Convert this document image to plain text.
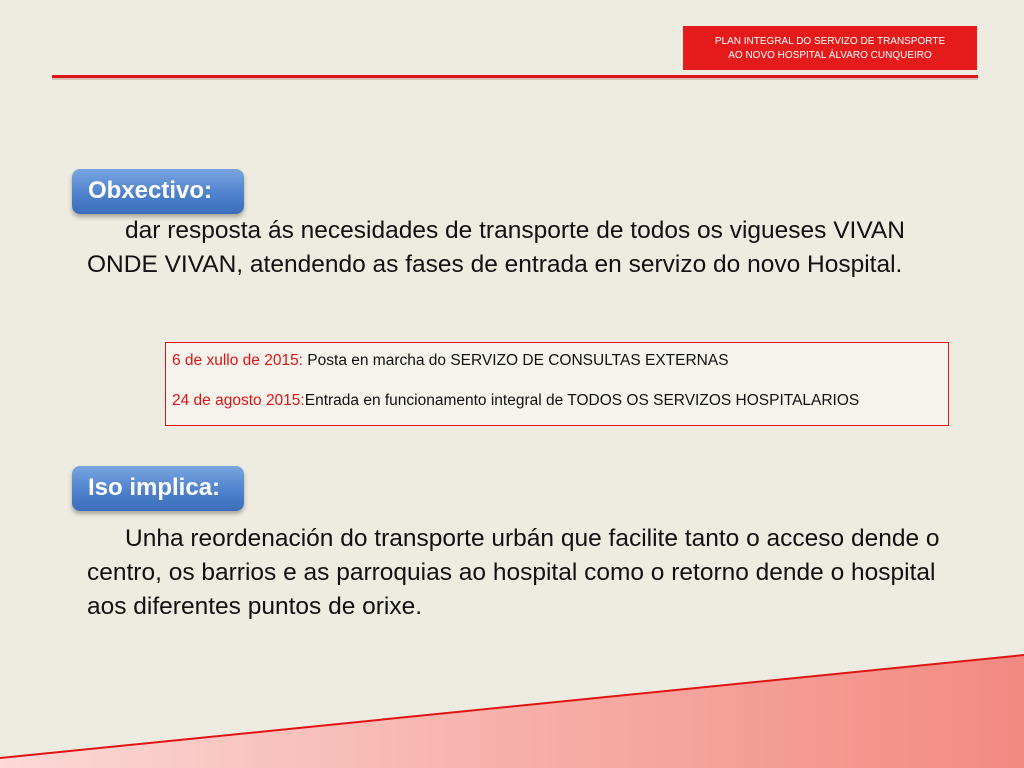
PLAN INTEGRAL DO SERVIZO DE TRANSPORTE
AO NOVO HOSPITAL ÁLVARO CUNQUEIRO
Obxectivo:

dar resposta ás necesidades de transporte de todos os vigueses VIVAN ONDE VIVAN, atendendo as fases de entrada en servizo do novo Hospital.

6 de xullo de 2015: Posta en marcha do SERVIZO DE CONSULTAS EXTERNAS
24 de agosto 2015:Entrada en funcionamento integral de TODOS OS SERVIZOS HOSPITALARIOS
Iso implica:

Unha reordenación do transporte urbán que facilite tanto o acceso dende o centro, os barrios e as parroquias ao hospital como o retorno dende o hospital aos diferentes puntos de orixe.
